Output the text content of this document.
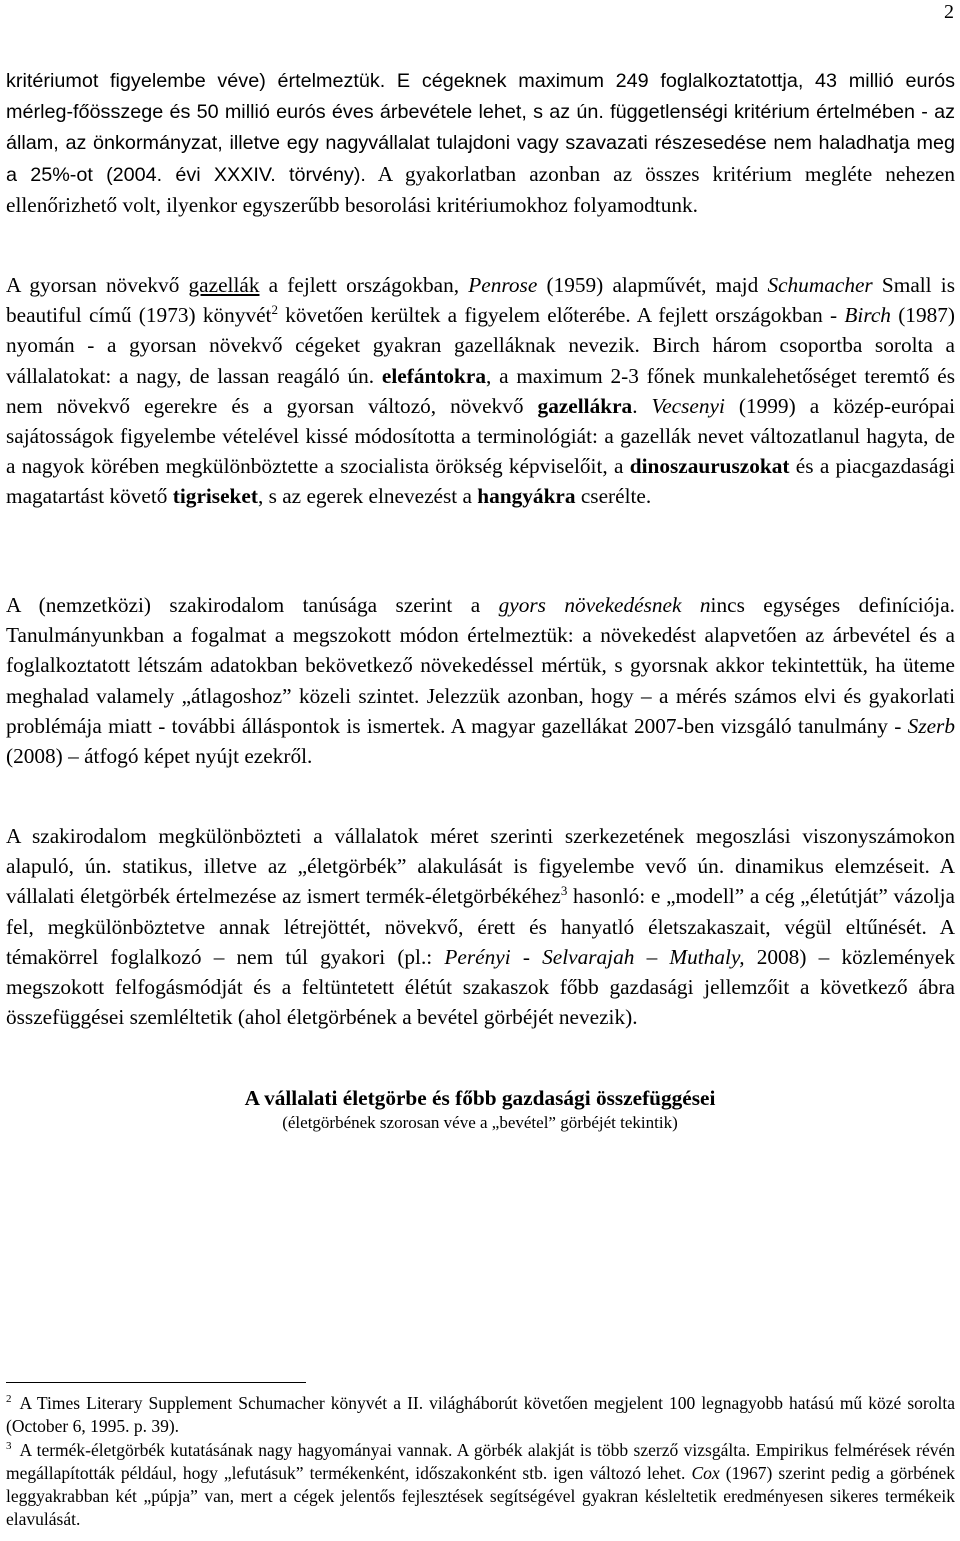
2

kritériumot figyelembe véve) értelmeztük. E cégeknek maximum 249 foglalkoztatottja, 43 millió eurós mérleg-főösszege és 50 millió eurós éves árbevétele lehet, s az ún. függetlenségi kritérium értelmében - az állam, az önkormányzat, illetve egy nagyvállalat tulajdoni vagy szavazati részesedése nem haladhatja meg a 25%-ot (2004. évi XXXIV. törvény). A gyakorlatban azonban az összes kritérium megléte nehezen ellenőrizhető volt, ilyenkor egyszerűbb besorolási kritériumokhoz folyamodtunk.

A gyorsan növekvő gazellák a fejlett országokban, Penrose (1959) alapművét, majd Schumacher Small is beautiful című (1973) könyvét$^2$ követően kerültek a figyelem előterébe. A fejlett országokban - Birch (1987) nyomán - a gyorsan növekvő cégeket gyakran gazelláknak nevezik. Birch három csoportba sorolta a vállalatokat: a nagy, de lassan reagáló ún. elefántokra, a maximum 2-3 főnek munkalehetőséget teremtő és nem növekvő egerekre és a gyorsan változó, növekvő gazellákra. Vecsenyi (1999) a közép-európai sajátosságok figyelembe vételével kissé módosította a terminológiát: a gazellák nevet változatlanul hagyta, de a nagyok körében megkülönböztette a szocialista örökség képviselőit, a dinoszauruszokat és a piacgazdasági magatartást követő tigriseket, s az egerek elnevezést a hangyákra cserélte.

A (nemzetközi) szakirodalom tanúsága szerint a gyors növekedésnek nincs egységes definíciója. Tanulmányunkban a fogalmat a megszokott módon értelmeztük: a növekedést alapvetően az árbevétel és a foglalkoztatott létszám adatokban bekövetkező növekedéssel mértük, s gyorsnak akkor tekintettük, ha üteme meghalad valamely „átlagoshoz” közeli szintet. Jelezzük azonban, hogy – a mérés számos elvi és gyakorlati problémája miatt - további álláspontok is ismertek. A magyar gazellákat 2007-ben vizsgáló tanulmány - Szerb (2008) – átfogó képet nyújt ezekről.

A szakirodalom megkülönbözteti a vállalatok méret szerinti szerkezetének megoszlási viszonyszámokon alapuló, ún. statikus, illetve az „életgörbék” alakulását is figyelembe vevő ún. dinamikus elemzéseit. A vállalati életgörbék értelmezése az ismert termék-életgörbékéhez$^3$ hasonló: e „modell” a cég „életútját” vázolja fel, megkülönböztetve annak létrejöttét, növekvő, érett és hanyatló életszakaszait, végül eltűnését. A témakörrel foglalkozó – nem túl gyakori (pl.: Perényi - Selvarajah – Muthaly, 2008) – közlemények megszokott felfogásmódját és a feltüntetett élétút szakaszok főbb gazdasági jellemzőit a következő ábra összefüggései szemléltetik (ahol életgörbének a bevétel görbéjét nevezik).

A vállalati életgörbe és főbb gazdasági összefüggései
(életgörbének szorosan véve a „bevétel” görbéjét tekintik)

$^2$ A Times Literary Supplement Schumacher könyvét a II. világháborút követően megjelent 100 legnagyobb hatású mű közé sorolta (October 6, 1995. p. 39).

$^3$ A termék-életgörbék kutatásának nagy hagyományai vannak. A görbék alakját is több szerző vizsgálta. Empirikus felmérések révén megállapították például, hogy „lefutásuk” termékenként, időszakonként stb. igen változó lehet. Cox (1967) szerint pedig a görbének leggyakrabban két „púpja” van, mert a cégek jelentős fejlesztések segítségével gyakran késleltetik eredményesen sikeres termékeik elavulását.
